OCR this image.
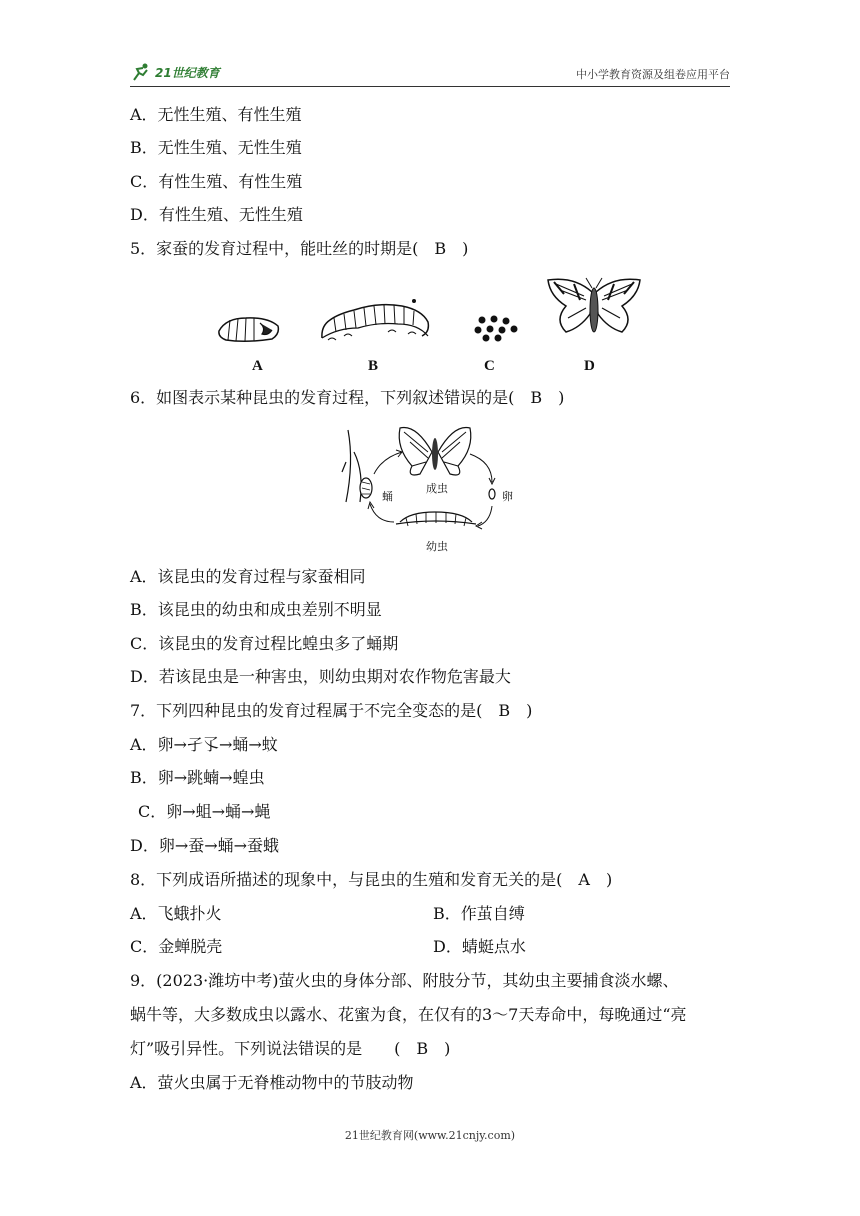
21世纪教育	中小学教育资源及组卷应用平台
A．无性生殖、有性生殖
B．无性生殖、无性生殖
C．有性生殖、有性生殖
D．有性生殖、无性生殖
5．家蚕的发育过程中，能吐丝的时期是(　B　)
A	B	C	D
6．如图表示某种昆虫的发育过程，下列叙述错误的是(　B　)
成虫
蛹	卵
幼虫
A．该昆虫的发育过程与家蚕相同
B．该昆虫的幼虫和成虫差别不明显
C．该昆虫的发育过程比蝗虫多了蛹期
D．若该昆虫是一种害虫，则幼虫期对农作物危害最大
7．下列四种昆虫的发育过程属于不完全变态的是(　B　)
A．卵→孑孓→蛹→蚊
B．卵→跳蝻→蝗虫
C．卵→蛆→蛹→蝇
D．卵→蚕→蛹→蚕蛾
8．下列成语所描述的现象中，与昆虫的生殖和发育无关的是(　A　)
A．飞蛾扑火	B．作茧自缚
C．金蝉脱壳	D．蜻蜓点水
9．(2023·潍坊中考)萤火虫的身体分部、附肢分节，其幼虫主要捕食淡水螺、
蜗牛等，大多数成虫以露水、花蜜为食，在仅有的3～7天寿命中，每晚通过“亮
灯”吸引异性。下列说法错误的是　　(　B　)
A．萤火虫属于无脊椎动物中的节肢动物
21世纪教育网(www.21cnjy.com)
